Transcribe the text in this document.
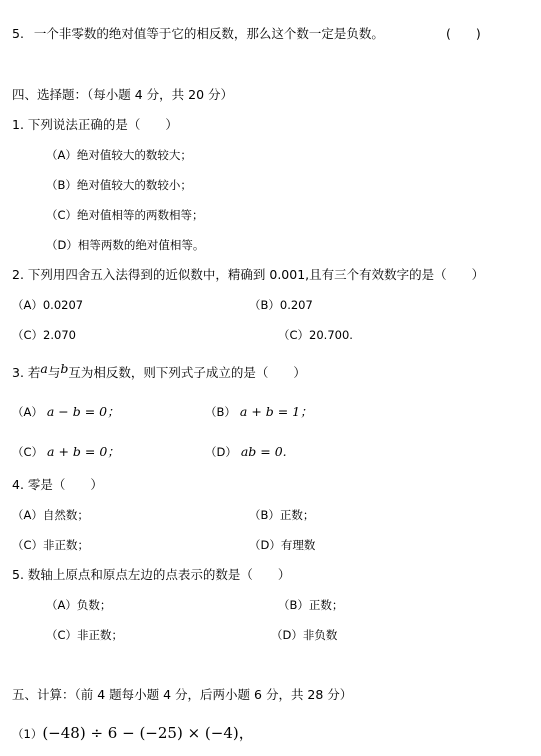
5. 一个非零数的绝对值等于它的相反数，那么这个数一定是负数。	(　　)
四、选择题：（每小题 4 分，共 20 分）
1. 下列说法正确的是（　　）
（A）绝对值较大的数较大；
（B）绝对值较大的数较小；
（C）绝对值相等的两数相等；
（D）相等两数的绝对值相等。
2. 下列用四舍五入法得到的近似数中，精确到 0.001,且有三个有效数字的是（　　）
（A）0.0207	（B）0.207
（C）2.070	（C）20.700.
3. 若a与b互为相反数，则下列式子成立的是（　　）
（A） a − b = 0；	（B） a + b = 1；
（C） a + b = 0；	（D） ab = 0.
4. 零是（　　）
（A）自然数；	（B）正数；
（C）非正数；	（D）有理数
5. 数轴上原点和原点左边的点表示的数是（　　）
（A）负数；	（B）正数；
（C）非正数；	（D）非负数
五、计算：（前 4 题每小题 4 分，后两小题 6 分，共 28 分）
（1）(−48) ÷ 6 − (−25) × (−4)，
